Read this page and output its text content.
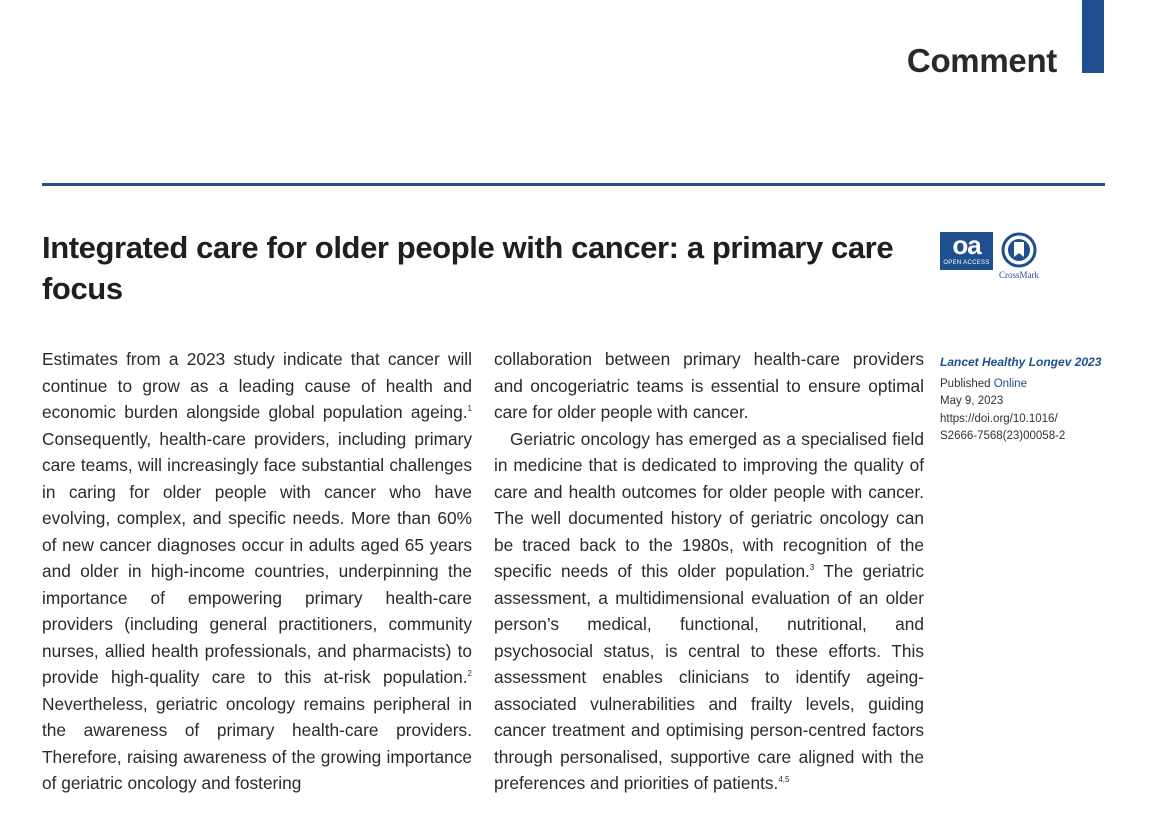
Comment
Integrated care for older people with cancer: a primary care focus
oa
OPEN ACCESS
CrossMark

Estimates from a 2023 study indicate that cancer will continue to grow as a leading cause of health and economic burden alongside global population ageing.$^1$ Consequently, health-care providers, including primary care teams, will increasingly face substantial challenges in caring for older people with cancer who have evolving, complex, and specific needs. More than 60% of new cancer diagnoses occur in adults aged 65 years and older in high-income countries, underpinning the importance of empowering primary health-care providers (including general practitioners, community nurses, allied health professionals, and pharmacists) to provide high-quality care to this at-risk population.$^2$ Nevertheless, geriatric oncology remains peripheral in the awareness of primary health-care providers. Therefore, raising awareness of the growing importance of geriatric oncology and fostering

collaboration between primary health-care providers and oncogeriatric teams is essential to ensure optimal care for older people with cancer.

Geriatric oncology has emerged as a specialised field in medicine that is dedicated to improving the quality of care and health outcomes for older people with cancer. The well documented history of geriatric oncology can be traced back to the 1980s, with recognition of the specific needs of this older population.$^3$ The geriatric assessment, a multidimensional evaluation of an older person’s medical, functional, nutritional, and psychosocial status, is central to these efforts. This assessment enables clinicians to identify ageing-associated vulnerabilities and frailty levels, guiding cancer treatment and optimising person-centred factors through personalised, supportive care aligned with the preferences and priorities of patients.$^{4,5}$

Lancet Healthy Longev 2023
Published Online
May 9, 2023
https://doi.org/10.1016/
S2666-7568(23)00058-2
